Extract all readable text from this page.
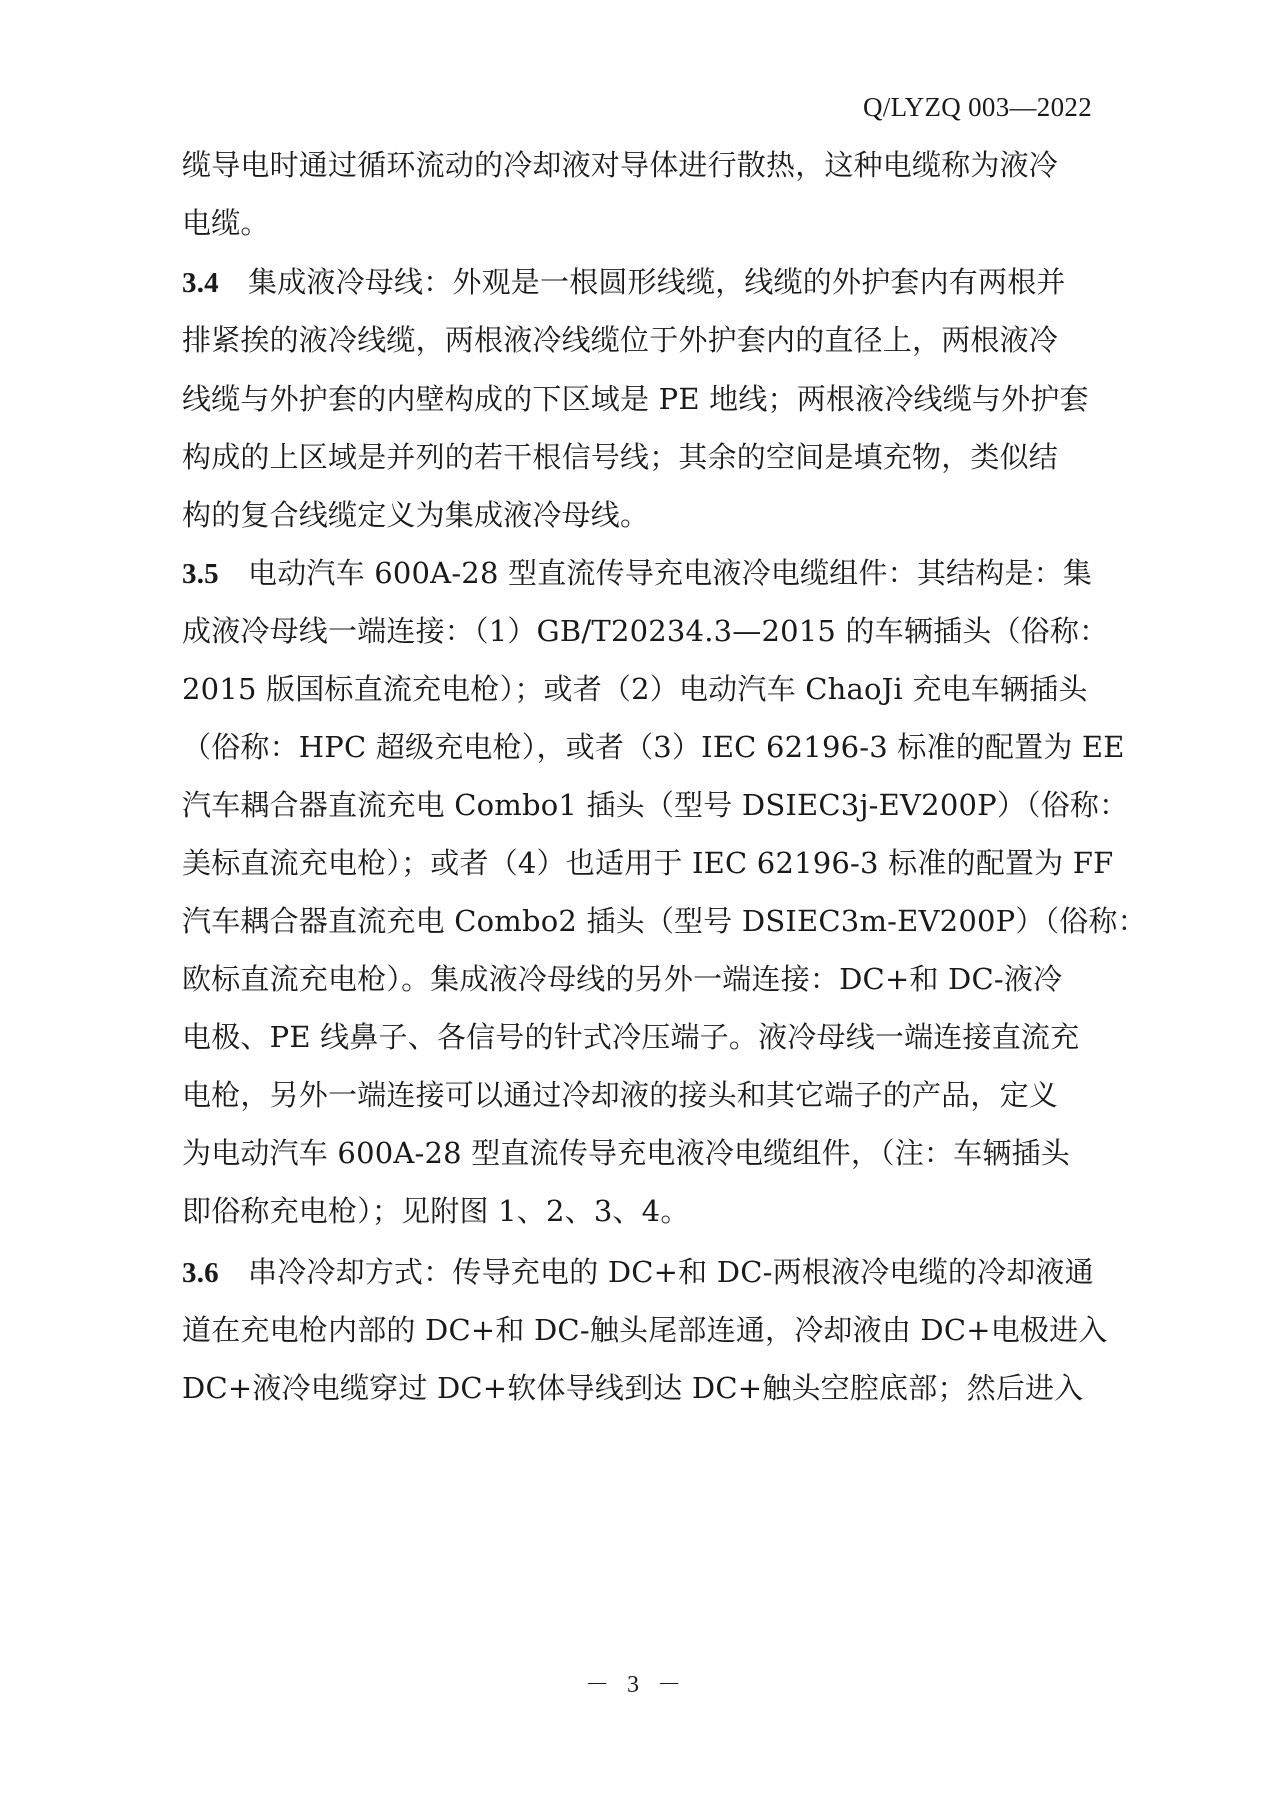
Q/LYZQ 003—2022
缆导电时通过循环流动的冷却液对导体进行散热，这种电缆称为液冷
电缆。
3.4 集成液冷母线：外观是一根圆形线缆，线缆的外护套内有两根并
排紧挨的液冷线缆，两根液冷线缆位于外护套内的直径上，两根液冷
线缆与外护套的内壁构成的下区域是 PE 地线；两根液冷线缆与外护套
构成的上区域是并列的若干根信号线；其余的空间是填充物，类似结
构的复合线缆定义为集成液冷母线。
3.5 电动汽车 600A-28 型直流传导充电液冷电缆组件：其结构是：集
成液冷母线一端连接：（1）GB/T20234.3—2015 的车辆插头（俗称：
2015 版国标直流充电枪）；或者（2）电动汽车 ChaoJi 充电车辆插头
（俗称：HPC 超级充电枪），或者（3）IEC 62196-3 标准的配置为 EE
汽车耦合器直流充电 Combo1 插头（型号 DSIEC3j-EV200P）（俗称：
美标直流充电枪）；或者（4）也适用于 IEC 62196-3 标准的配置为 FF
汽车耦合器直流充电 Combo2 插头（型号 DSIEC3m-EV200P）（俗称：
欧标直流充电枪）。集成液冷母线的另外一端连接：DC+和 DC-液冷
电极、PE 线鼻子、各信号的针式冷压端子。液冷母线一端连接直流充
电枪，另外一端连接可以通过冷却液的接头和其它端子的产品，定义
为电动汽车 600A-28 型直流传导充电液冷电缆组件，（注：车辆插头
即俗称充电枪）；见附图 1、2、3、4。
3.6 串冷冷却方式：传导充电的 DC+和 DC-两根液冷电缆的冷却液通
道在充电枪内部的 DC+和 DC-触头尾部连通，冷却液由 DC+电极进入
DC+液冷电缆穿过 DC+软体导线到达 DC+触头空腔底部；然后进入
－ 3 －
